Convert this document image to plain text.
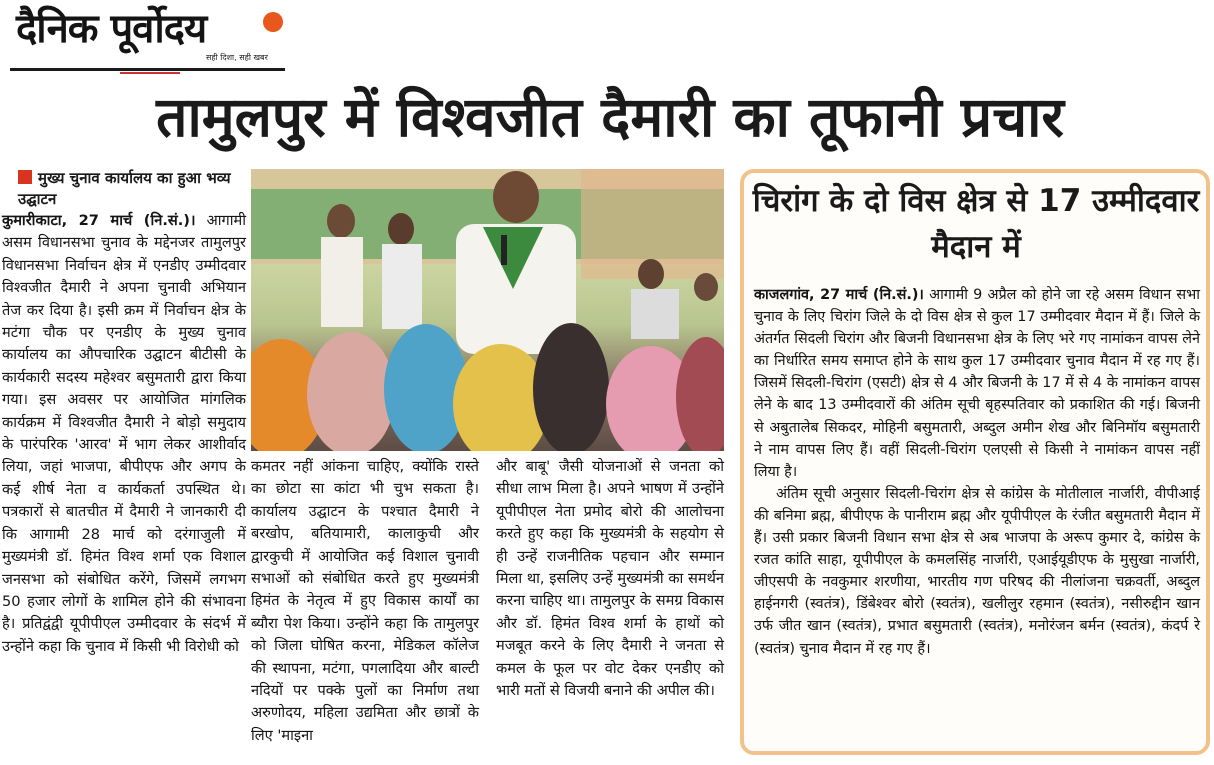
दैनिक पूर्वोदय
सही दिशा, सही खबर
तामुलपुर में विश्वजीत दैमारी का तूफानी प्रचार
मुख्य चुनाव कार्यालय का हुआ भव्य उद्घाटन
कुमारीकाटा, 27 मार्च (नि.सं.)। आगामी असम विधानसभा चुनाव के मद्देनजर तामुलपुर विधानसभा निर्वाचन क्षेत्र में एनडीए उम्मीदवार विश्वजीत दैमारी ने अपना चुनावी अभियान तेज कर दिया है। इसी क्रम में निर्वाचन क्षेत्र के मटंगा चौक पर एनडीए के मुख्य चुनाव कार्यालय का औपचारिक उद्घाटन बीटीसी के कार्यकारी सदस्य महेश्वर बसुमतारी द्वारा किया गया। इस अवसर पर आयोजित मांगलिक कार्यक्रम में विश्वजीत दैमारी ने बोड़ो समुदाय के पारंपरिक 'आरव' में भाग लेकर आशीर्वाद लिया, जहां भाजपा, बीपीएफ और अगप के कई शीर्ष नेता व कार्यकर्ता उपस्थित थे। पत्रकारों से बातचीत में दैमारी ने जानकारी दी कि आगामी 28 मार्च को दरंगाजुली में मुख्यमंत्री डॉ. हिमंत विश्व शर्मा एक विशाल जनसभा को संबोधित करेंगे, जिसमें लगभग 50 हजार लोगों के शामिल होने की संभावना है। प्रतिद्वंद्वी यूपीपीएल उम्मीदवार के संदर्भ में उन्होंने कहा कि चुनाव में किसी भी विरोधी को
कमतर नहीं आंकना चाहिए, क्योंकि रास्ते का छोटा सा कांटा भी चुभ सकता है। कार्यालय उद्घाटन के पश्चात दैमारी ने बरखोप, बतियामारी, कालाकुची और द्वारकुची में आयोजित कई विशाल चुनावी सभाओं को संबोधित करते हुए मुख्यमंत्री हिमंत के नेतृत्व में हुए विकास कार्यों का ब्यौरा पेश किया। उन्होंने कहा कि तामुलपुर को जिला घोषित करना, मेडिकल कॉलेज की स्थापना, मटंगा, पगलादिया और बाल्टी नदियों पर पक्के पुलों का निर्माण तथा अरुणोदय, महिला उद्यमिता और छात्रों के लिए 'माइना
और बाबू' जैसी योजनाओं से जनता को सीधा लाभ मिला है। अपने भाषण में उन्होंने यूपीपीएल नेता प्रमोद बोरो की आलोचना करते हुए कहा कि मुख्यमंत्री के सहयोग से ही उन्हें राजनीतिक पहचान और सम्मान मिला था, इसलिए उन्हें मुख्यमंत्री का समर्थन करना चाहिए था। तामुलपुर के समग्र विकास और डॉ. हिमंत विश्व शर्मा के हाथों को मजबूत करने के लिए दैमारी ने जनता से कमल के फूल पर वोट देकर एनडीए को भारी मतों से विजयी बनाने की अपील की।
चिरांग के दो विस क्षेत्र से 17 उम्मीदवार मैदान में

काजलगांव, 27 मार्च (नि.सं.)। आगामी 9 अप्रैल को होने जा रहे असम विधान सभा चुनाव के लिए चिरांग जिले के दो विस क्षेत्र से कुल 17 उम्मीदवार मैदान में हैं। जिले के अंतर्गत सिदली चिरांग और बिजनी विधानसभा क्षेत्र के लिए भरे गए नामांकन वापस लेने का निर्धारित समय समाप्त होने के साथ कुल 17 उम्मीदवार चुनाव मैदान में रह गए हैं। जिसमें सिदली-चिरांग (एसटी) क्षेत्र से 4 और बिजनी के 17 में से 4 के नामांकन वापस लेने के बाद 13 उम्मीदवारों की अंतिम सूची बृहस्पतिवार को प्रकाशित की गई। बिजनी से अबुतालेब सिकदर, मोहिनी बसुमतारी, अब्दुल अमीन शेख और बिनिमॉय बसुमतारी ने नाम वापस लिए हैं। वहीं सिदली-चिरांग एलएसी से किसी ने नामांकन वापस नहीं लिया है।

अंतिम सूची अनुसार सिदली-चिरांग क्षेत्र से कांग्रेस के मोतीलाल नार्जारी, वीपीआई की बनिमा ब्रह्म, बीपीएफ के पानीराम ब्रह्म और यूपीपीएल के रंजीत बसुमतारी मैदान में हैं। उसी प्रकार बिजनी विधान सभा क्षेत्र से अब भाजपा के अरूप कुमार दे, कांग्रेस के रजत कांति साहा, यूपीपीएल के कमलसिंह नार्जारी, एआईयूडीएफ के मुसुखा नार्जारी, जीएसपी के नवकुमार शरणीया, भारतीय गण परिषद की नीलांजना चक्रवर्ती, अब्दुल हाईनगरी (स्वतंत्र), डिंबेश्वर बोरो (स्वतंत्र), खलीलुर रहमान (स्वतंत्र), नसीरुद्दीन खान उर्फ जीत खान (स्वतंत्र), प्रभात बसुमतारी (स्वतंत्र), मनोरंजन बर्मन (स्वतंत्र), कंदर्प रे (स्वतंत्र) चुनाव मैदान में रह गए हैं।
